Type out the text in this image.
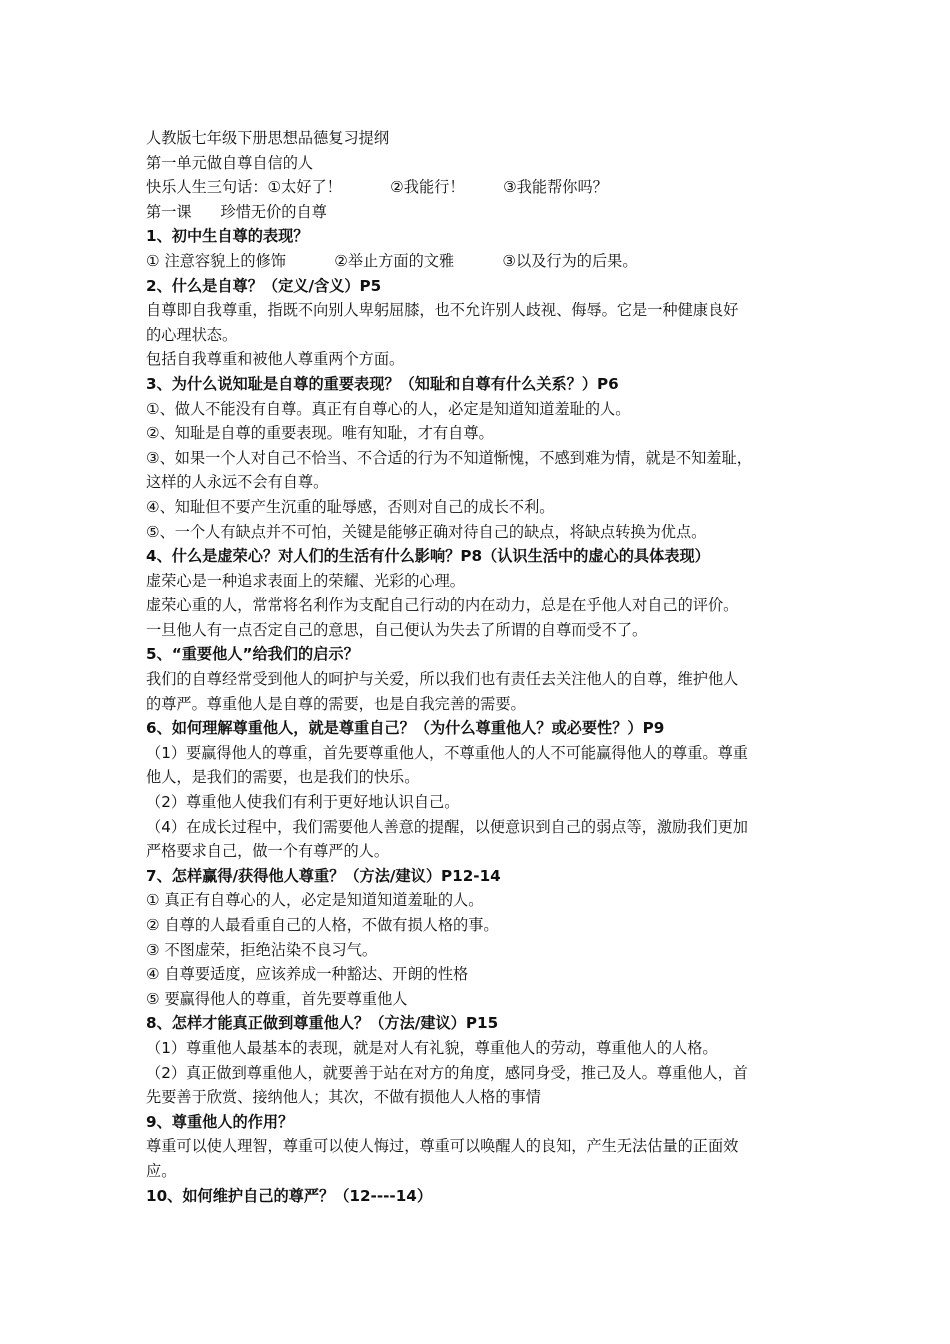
人教版七年级下册思想品德复习提纲
第一单元做自尊自信的人
快乐人生三句话：①太好了！          ②我能行！        ③我能帮你吗？
第一课      珍惜无价的自尊
1、初中生自尊的表现？
① 注意容貌上的修饰          ②举止方面的文雅          ③以及行为的后果。
2、什么是自尊？（定义/含义）P5
自尊即自我尊重，指既不向别人卑躬屈膝，也不允许别人歧视、侮辱。它是一种健康良好
的心理状态。
包括自我尊重和被他人尊重两个方面。
3、为什么说知耻是自尊的重要表现？（知耻和自尊有什么关系？）P6
①、做人不能没有自尊。真正有自尊心的人，必定是知道知道羞耻的人。
②、知耻是自尊的重要表现。唯有知耻，才有自尊。
③、如果一个人对自己不恰当、不合适的行为不知道惭愧，不感到难为情，就是不知羞耻，
这样的人永远不会有自尊。
④、知耻但不要产生沉重的耻辱感，否则对自己的成长不利。
⑤、一个人有缺点并不可怕，关键是能够正确对待自己的缺点，将缺点转换为优点。
4、什么是虚荣心？对人们的生活有什么影响？P8（认识生活中的虚心的具体表现）
虚荣心是一种追求表面上的荣耀、光彩的心理。
虚荣心重的人，常常将名利作为支配自己行动的内在动力，总是在乎他人对自己的评价。
一旦他人有一点否定自己的意思，自己便认为失去了所谓的自尊而受不了。
5、“重要他人”给我们的启示？
我们的自尊经常受到他人的呵护与关爱，所以我们也有责任去关注他人的自尊，维护他人
的尊严。尊重他人是自尊的需要，也是自我完善的需要。
6、如何理解尊重他人，就是尊重自己？（为什么尊重他人？或必要性？）P9
（1）要赢得他人的尊重，首先要尊重他人，不尊重他人的人不可能赢得他人的尊重。尊重
他人，是我们的需要，也是我们的快乐。
（2）尊重他人使我们有利于更好地认识自己。
（4）在成长过程中，我们需要他人善意的提醒，以便意识到自己的弱点等，激励我们更加
严格要求自己，做一个有尊严的人。
7、怎样赢得/获得他人尊重？（方法/建议）P12-14
① 真正有自尊心的人，必定是知道知道羞耻的人。
② 自尊的人最看重自己的人格，不做有损人格的事。
③ 不图虚荣，拒绝沾染不良习气。
④ 自尊要适度，应该养成一种豁达、开朗的性格
⑤ 要赢得他人的尊重，首先要尊重他人
8、怎样才能真正做到尊重他人？（方法/建议）P15
（1）尊重他人最基本的表现，就是对人有礼貌，尊重他人的劳动，尊重他人的人格。
（2）真正做到尊重他人，就要善于站在对方的角度，感同身受，推己及人。尊重他人，首
先要善于欣赏、接纳他人；其次，不做有损他人人格的事情
9、尊重他人的作用？
尊重可以使人理智，尊重可以使人悔过，尊重可以唤醒人的良知，产生无法估量的正面效
应。
10、如何维护自己的尊严？（12----14）
